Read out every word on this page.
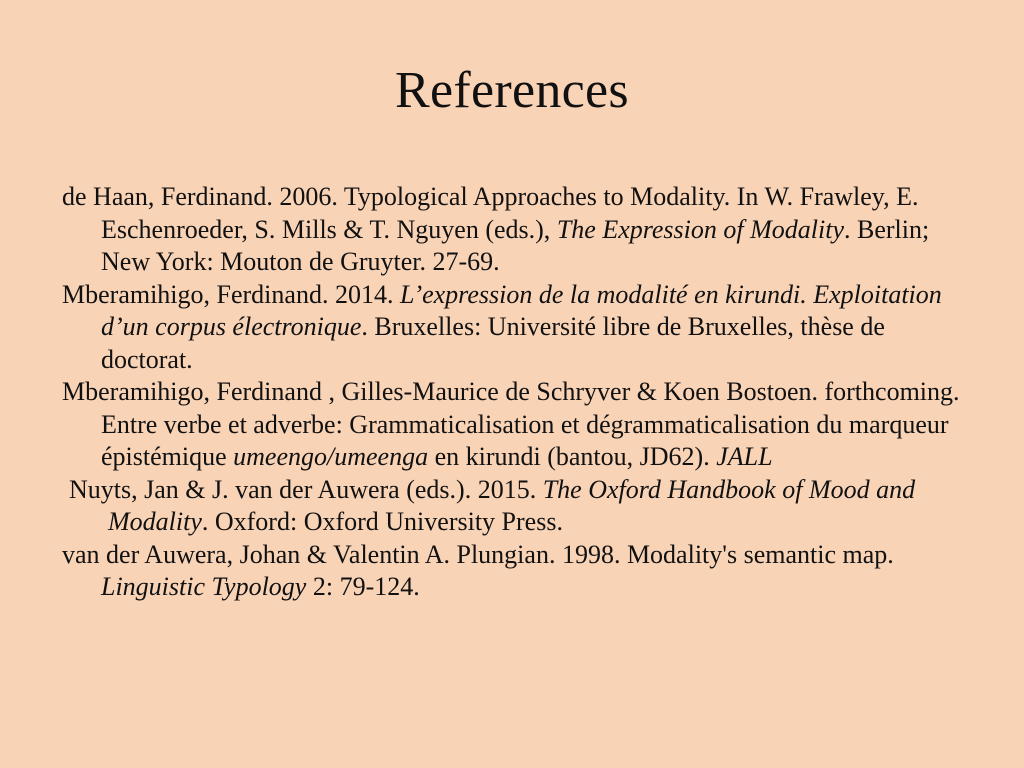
References
de Haan, Ferdinand. 2006. Typological Approaches to Modality. In W. Frawley, E. Eschenroeder, S. Mills & T. Nguyen (eds.), The Expression of Modality. Berlin; New York: Mouton de Gruyter. 27-69.
Mberamihigo, Ferdinand. 2014. L’expression de la modalité en kirundi. Exploitation d’un corpus électronique. Bruxelles: Université libre de Bruxelles, thèse de doctorat.
Mberamihigo, Ferdinand , Gilles-Maurice de Schryver & Koen Bostoen. forthcoming. Entre verbe et adverbe: Grammaticalisation et dégrammaticalisation du marqueur épistémique umeengo/umeenga en kirundi (bantou, JD62). JALL
Nuyts, Jan & J. van der Auwera (eds.). 2015. The Oxford Handbook of Mood and Modality. Oxford: Oxford University Press.
van der Auwera, Johan & Valentin A. Plungian. 1998. Modality's semantic map. Linguistic Typology 2: 79-124.
